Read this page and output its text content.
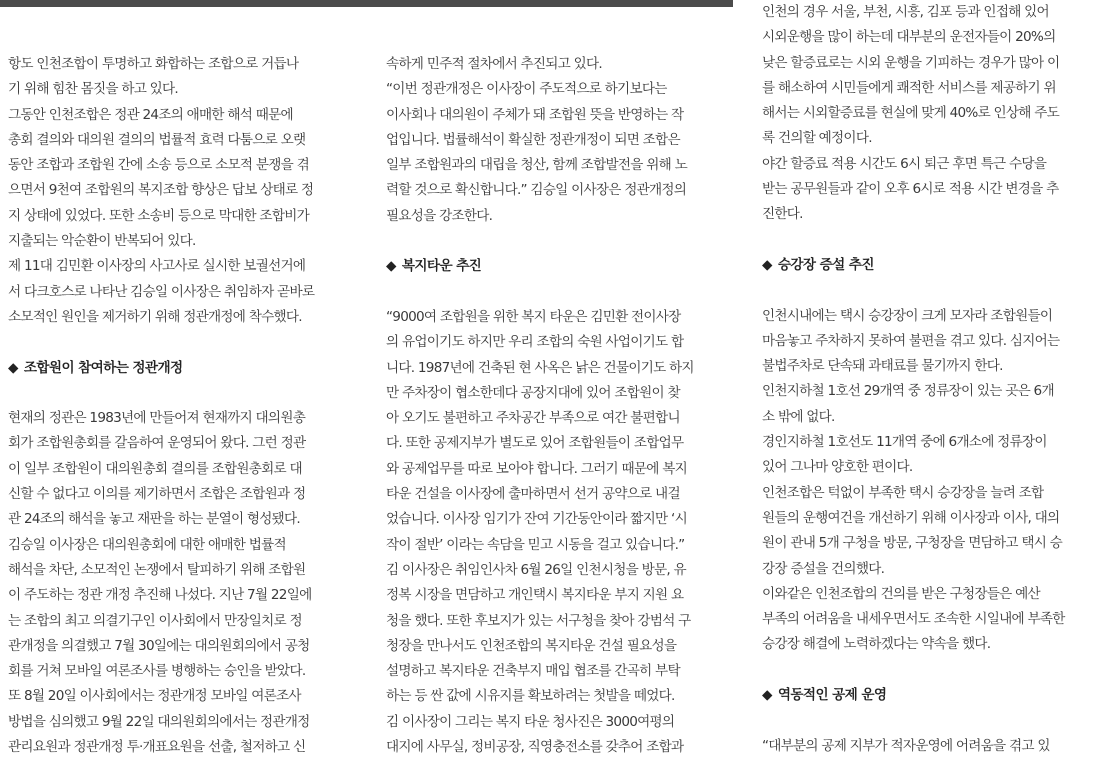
항도 인천조합이 투명하고 화합하는 조합으로 거듭나
기 위해 힘찬 몸짓을 하고 있다.
그동안 인천조합은 정관 24조의 애매한 해석 때문에
총회 결의와 대의원 결의의 법률적 효력 다툼으로 오랫
동안 조합과 조합원 간에 소송 등으로 소모적 분쟁을 겪
으면서 9천여 조합원의 복지조합 향상은 답보 상태로 정
지 상태에 있었다. 또한 소송비 등으로 막대한 조합비가
지출되는 악순환이 반복되어 있다.
제 11대 김민환 이사장의 사고사로 실시한 보궐선거에
서 다크호스로 나타난 김승일 이사장은 취임하자 곧바로
소모적인 원인을 제거하기 위해 정관개정에 착수했다.
◆ 조합원이 참여하는 정관개정
현재의 정관은 1983년에 만들어져 현재까지 대의원총
회가 조합원총회를 갈음하여 운영되어 왔다. 그런 정관
이 일부 조합원이 대의원총회 결의를 조합원총회로 대
신할 수 없다고 이의를 제기하면서 조합은 조합원과 정
관 24조의 해석을 놓고 재판을 하는 분열이 형성됐다.
김승일 이사장은 대의원총회에 대한 애매한 법률적
해석을 차단, 소모적인 논쟁에서 탈피하기 위해 조합원
이 주도하는 정관 개정 추진해 나섰다. 지난 7월 22일에
는 조합의 최고 의결기구인 이사회에서 만장일치로 정
관개정을 의결했고 7월 30일에는 대의원회의에서 공청
회를 거쳐 모바일 여론조사를 병행하는 승인을 받았다.
또 8월 20일 이사회에서는 정관개정 모바일 여론조사
방법을 심의했고 9월 22일 대의원회의에서는 정관개정
관리요원과 정관개정 투·개표요원을 선출, 철저하고 신
속하게 민주적 절차에서 추진되고 있다.
“이번 정관개정은 이사장이 주도적으로 하기보다는
이사회나 대의원이 주체가 돼 조합원 뜻을 반영하는 작
업입니다. 법률해석이 확실한 정관개정이 되면 조합은
일부 조합원과의 대립을 청산, 함께 조합발전을 위해 노
력할 것으로 확신합니다.” 김승일 이사장은 정관개정의
필요성을 강조한다.
◆ 복지타운 추진
“9000여 조합원을 위한 복지 타운은 김민환 전이사장
의 유업이기도 하지만 우리 조합의 숙원 사업이기도 합
니다. 1987년에 건축된 현 사옥은 낡은 건물이기도 하지
만 주차장이 협소한데다 공장지대에 있어 조합원이 찾
아 오기도 불편하고 주차공간 부족으로 여간 불편합니
다. 또한 공제지부가 별도로 있어 조합원들이 조합업무
와 공제업무를 따로 보아야 합니다. 그러기 때문에 복지
타운 건설을 이사장에 출마하면서 선거 공약으로 내걸
었습니다. 이사장 임기가 잔여 기간동안이라 짧지만 ‘시
작이 절반’ 이라는 속담을 믿고 시동을 걸고 있습니다.”
김 이사장은 취임인사차 6월 26일 인천시청을 방문, 유
정복 시장을 면담하고 개인택시 복지타운 부지 지원 요
청을 했다. 또한 후보지가 있는 서구청을 찾아 강범석 구
청장을 만나서도 인천조합의 복지타운 건설 필요성을
설명하고 복지타운 건축부지 매입 협조를 간곡히 부탁
하는 등 싼 값에 시유지를 확보하려는 첫발을 떼었다.
김 이사장이 그리는 복지 타운 청사진은 3000여평의
대지에 사무실, 정비공장, 직영충전소를 갖추어 조합과
인천의 경우 서울, 부천, 시흥, 김포 등과 인접해 있어
시외운행을 많이 하는데 대부분의 운전자들이 20%의
낮은 할증료로는 시외 운행을 기피하는 경우가 많아 이
를 해소하여 시민들에게 쾌적한 서비스를 제공하기 위
해서는 시외할증료를 현실에 맞게 40%로 인상해 주도
록 건의할 예정이다.
야간 할증료 적용 시간도 6시 퇴근 후면 특근 수당을
받는 공무원들과 같이 오후 6시로 적용 시간 변경을 추
진한다.
◆ 승강장 증설 추진
인천시내에는 택시 승강장이 크게 모자라 조합원들이
마음놓고 주차하지 못하여 불편을 겪고 있다. 심지어는
불법주차로 단속돼 과태료를 물기까지 한다.
인천지하철 1호선 29개역 중 정류장이 있는 곳은 6개
소 밖에 없다.
경인지하철 1호선도 11개역 중에 6개소에 정류장이
있어 그나마 양호한 편이다.
인천조합은 턱없이 부족한 택시 승강장을 늘려 조합
원들의 운행여건을 개선하기 위해 이사장과 이사, 대의
원이 관내 5개 구청을 방문, 구청장을 면담하고 택시 승
강장 증설을 건의했다.
이와같은 인천조합의 건의를 받은 구청장들은 예산
부족의 어려움을 내세우면서도 조속한 시일내에 부족한
승강장 해결에 노력하겠다는 약속을 했다.
◆ 역동적인 공제 운영
“대부분의 공제 지부가 적자운영에 어려움을 겪고 있
